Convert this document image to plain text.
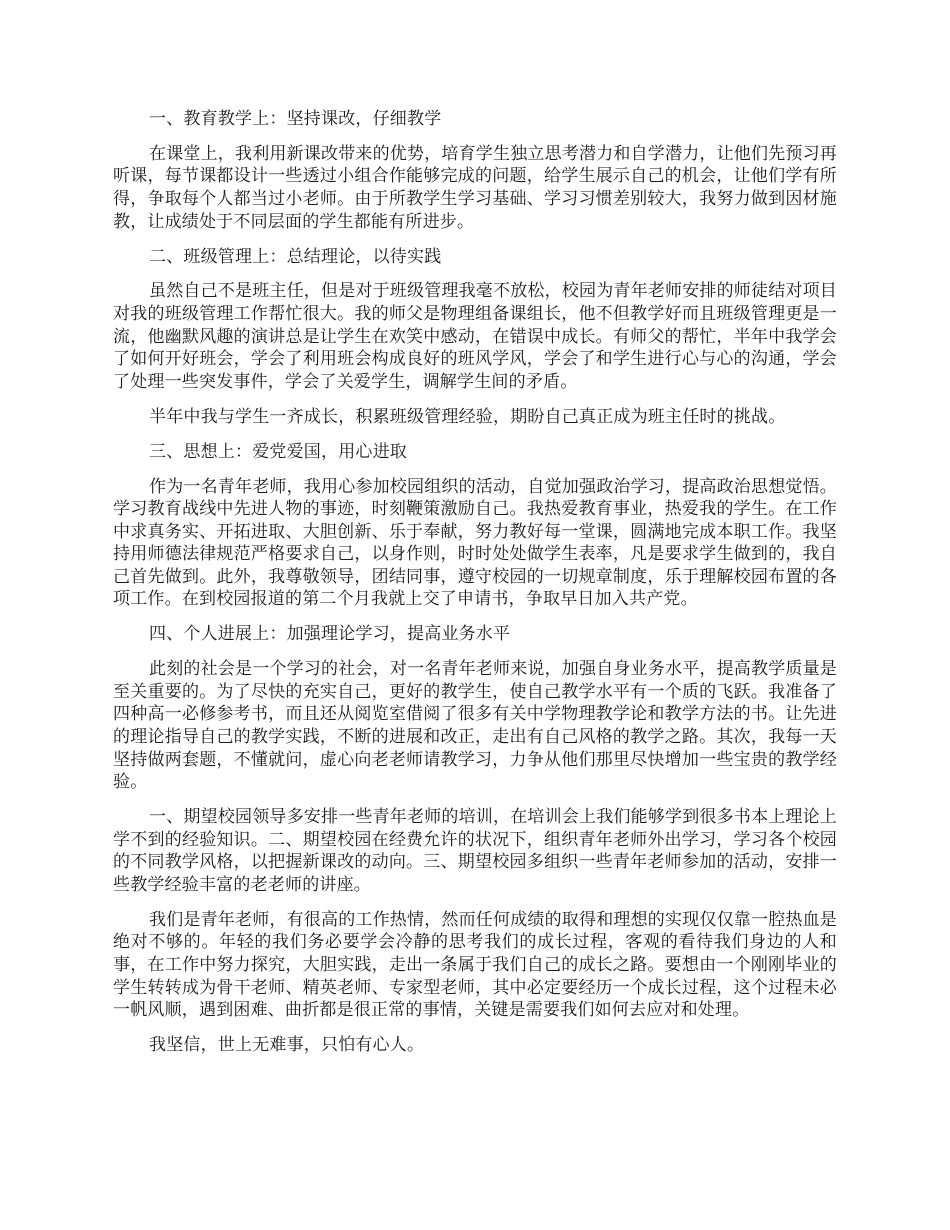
一、教育教学上：坚持课改，仔细教学

在课堂上，我利用新课改带来的优势，培育学生独立思考潜力和自学潜力，让他们先预习再听课，每节课都设计一些透过小组合作能够完成的问题，给学生展示自己的机会，让他们学有所得，争取每个人都当过小老师。由于所教学生学习基础、学习习惯差别较大，我努力做到因材施教，让成绩处于不同层面的学生都能有所进步。

二、班级管理上：总结理论，以待实践

虽然自己不是班主任，但是对于班级管理我毫不放松，校园为青年老师安排的师徒结对项目对我的班级管理工作帮忙很大。我的师父是物理组备课组长，他不但教学好而且班级管理更是一流，他幽默风趣的演讲总是让学生在欢笑中感动，在错误中成长。有师父的帮忙，半年中我学会了如何开好班会，学会了利用班会构成良好的班风学风，学会了和学生进行心与心的沟通，学会了处理一些突发事件，学会了关爱学生，调解学生间的矛盾。

半年中我与学生一齐成长，积累班级管理经验，期盼自己真正成为班主任时的挑战。

三、思想上：爱党爱国，用心进取

作为一名青年老师，我用心参加校园组织的活动，自觉加强政治学习，提高政治思想觉悟。学习教育战线中先进人物的事迹，时刻鞭策激励自己。我热爱教育事业，热爱我的学生。在工作中求真务实、开拓进取、大胆创新、乐于奉献，努力教好每一堂课，圆满地完成本职工作。我坚持用师德法律规范严格要求自己，以身作则，时时处处做学生表率，凡是要求学生做到的，我自己首先做到。此外，我尊敬领导，团结同事，遵守校园的一切规章制度，乐于理解校园布置的各项工作。在到校园报道的第二个月我就上交了申请书，争取早日加入共产党。

四、个人进展上：加强理论学习，提高业务水平

此刻的社会是一个学习的社会，对一名青年老师来说，加强自身业务水平，提高教学质量是至关重要的。为了尽快的充实自己，更好的教学生，使自己教学水平有一个质的飞跃。我准备了四种高一必修参考书，而且还从阅览室借阅了很多有关中学物理教学论和教学方法的书。让先进的理论指导自己的教学实践，不断的进展和改正，走出有自己风格的教学之路。其次，我每一天坚持做两套题，不懂就问，虚心向老老师请教学习，力争从他们那里尽快增加一些宝贵的教学经验。

一、期望校园领导多安排一些青年老师的培训，在培训会上我们能够学到很多书本上理论上学不到的经验知识。二、期望校园在经费允许的状况下，组织青年老师外出学习，学习各个校园的不同教学风格，以把握新课改的动向。三、期望校园多组织一些青年老师参加的活动，安排一些教学经验丰富的老老师的讲座。

我们是青年老师，有很高的工作热情，然而任何成绩的取得和理想的实现仅仅靠一腔热血是绝对不够的。年轻的我们务必要学会冷静的思考我们的成长过程，客观的看待我们身边的人和事，在工作中努力探究，大胆实践，走出一条属于我们自己的成长之路。要想由一个刚刚毕业的学生转转成为骨干老师、精英老师、专家型老师，其中必定要经历一个成长过程，这个过程未必一帆风顺，遇到困难、曲折都是很正常的事情，关键是需要我们如何去应对和处理。

我坚信，世上无难事，只怕有心人。
